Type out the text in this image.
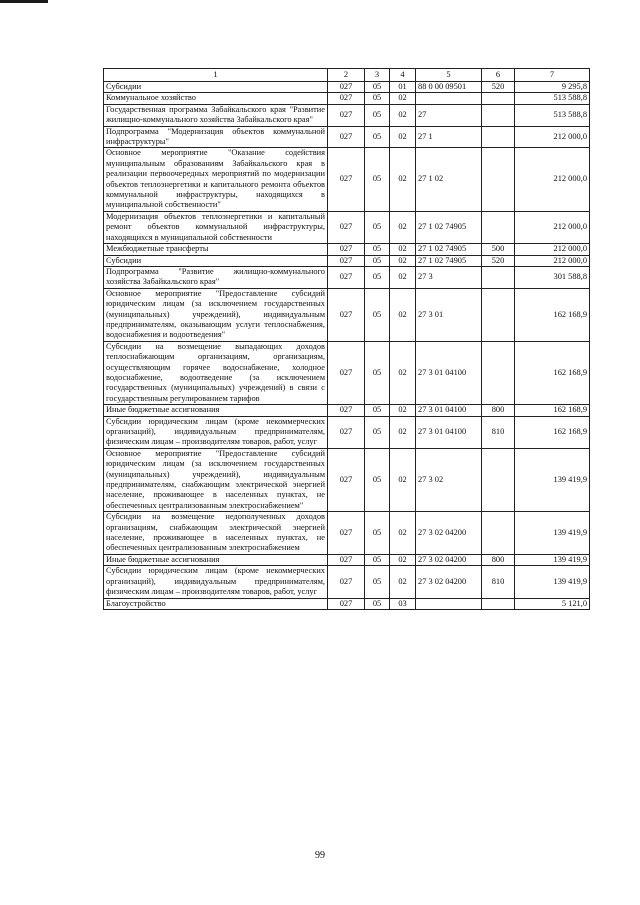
1	2	3	4	5	6	7
Субсидии	027	05	01	88 0 00 09501	520	9 295,8
Коммунальное хозяйство	027	05	02			513 588,8
Государственная программа Забайкальского края "Развитие жилищно-коммунального хозяйства Забайкальского края"	027	05	02	27		513 588,8
Подпрограмма "Модернизация объектов коммунальной инфраструктуры"	027	05	02	27 1		212 000,0
Основное мероприятие "Оказание содействия муниципальным образованиям Забайкальского края в реализации первоочередных мероприятий по модернизации объектов теплоэнергетики и капитального ремонта объектов коммунальной инфраструктуры, находящихся в муниципальной собственности"	027	05	02	27 1 02		212 000,0
Модернизация объектов теплоэнергетики и капитальный ремонт объектов коммунальной инфраструктуры, находящихся в муниципальной собственности	027	05	02	27 1 02 74905		212 000,0
Межбюджетные трансферты	027	05	02	27 1 02 74905	500	212 000,0
Субсидии	027	05	02	27 1 02 74905	520	212 000,0
Подпрограмма "Развитие жилищно-коммунального хозяйства Забайкальского края"	027	05	02	27 3		301 588,8
Основное мероприятие "Предоставление субсидий юридическим лицам (за исключением государственных (муниципальных) учреждений), индивидуальным предпринимателям, оказывающим услуги теплоснабжения, водоснабжения и водоотведения"	027	05	02	27 3 01		162 168,9
Субсидии на возмещение выпадающих доходов теплоснабжающим организациям, организациям, осуществляющим горячее водоснабжение, холодное водоснабжение, водоотведение (за исключением государственных (муниципальных) учреждений) в связи с государственным регулированием тарифов	027	05	02	27 3 01 04100		162 168,9
Иные бюджетные ассигнования	027	05	02	27 3 01 04100	800	162 168,9
Субсидии юридическим лицам (кроме некоммерческих организаций), индивидуальным предпринимателям, физическим лицам – производителям товаров, работ, услуг	027	05	02	27 3 01 04100	810	162 168,9
Основное мероприятие "Предоставление субсидий юридическим лицам (за исключением государственных (муниципальных) учреждений), индивидуальным предпринимателям, снабжающим электрической энергией население, проживающее в населенных пунктах, не обеспеченных централизованным электроснабжением"	027	05	02	27 3 02		139 419,9
Субсидии на возмещение недополученных доходов организациям, снабжающим электрической энергией население, проживающее в населенных пунктах, не обеспеченных централизованным электроснабжением	027	05	02	27 3 02 04200		139 419,9
Иные бюджетные ассигнования	027	05	02	27 3 02 04200	800	139 419,9
Субсидии юридическим лицам (кроме некоммерческих организаций), индивидуальным предпринимателям, физическим лицам – производителям товаров, работ, услуг	027	05	02	27 3 02 04200	810	139 419,9
Благоустройство	027	05	03			5 121,0
99
